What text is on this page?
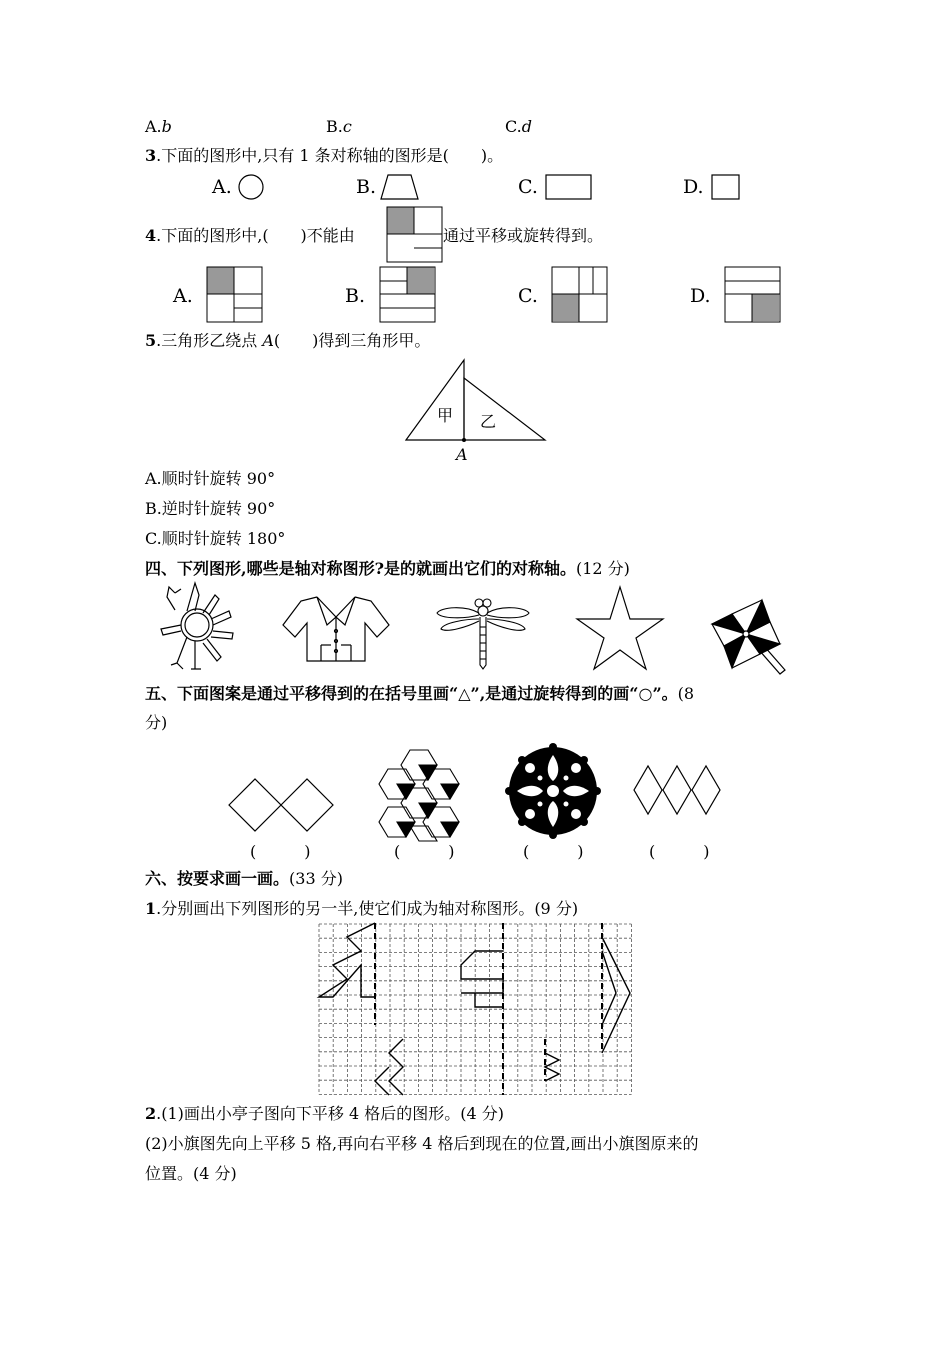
A.b	B.c	C.d
3.下面的图形中,只有 1 条对称轴的图形是(　　)。
A.	B.	C.	D.
4.下面的图形中,(　　)不能由	通过平移或旋转得到。
A.	B.	C.	D.
5.三角形乙绕点 A(　　)得到三角形甲。
甲 乙
A
A.顺时针旋转 90°
B.逆时针旋转 90°
C.顺时针旋转 180°
四、下列图形,哪些是轴对称图形?是的就画出它们的对称轴。(12 分)
五、下面图案是通过平移得到的在括号里画“△”,是通过旋转得到的画“○”。(8
分)
(　　　)	(　　　)	(　　　)	(　　　)
六、按要求画一画。(33 分)
1.分别画出下列图形的另一半,使它们成为轴对称图形。(9 分)
2.(1)画出小亭子图向下平移 4 格后的图形。(4 分)
(2)小旗图先向上平移 5 格,再向右平移 4 格后到现在的位置,画出小旗图原来的
位置。(4 分)
